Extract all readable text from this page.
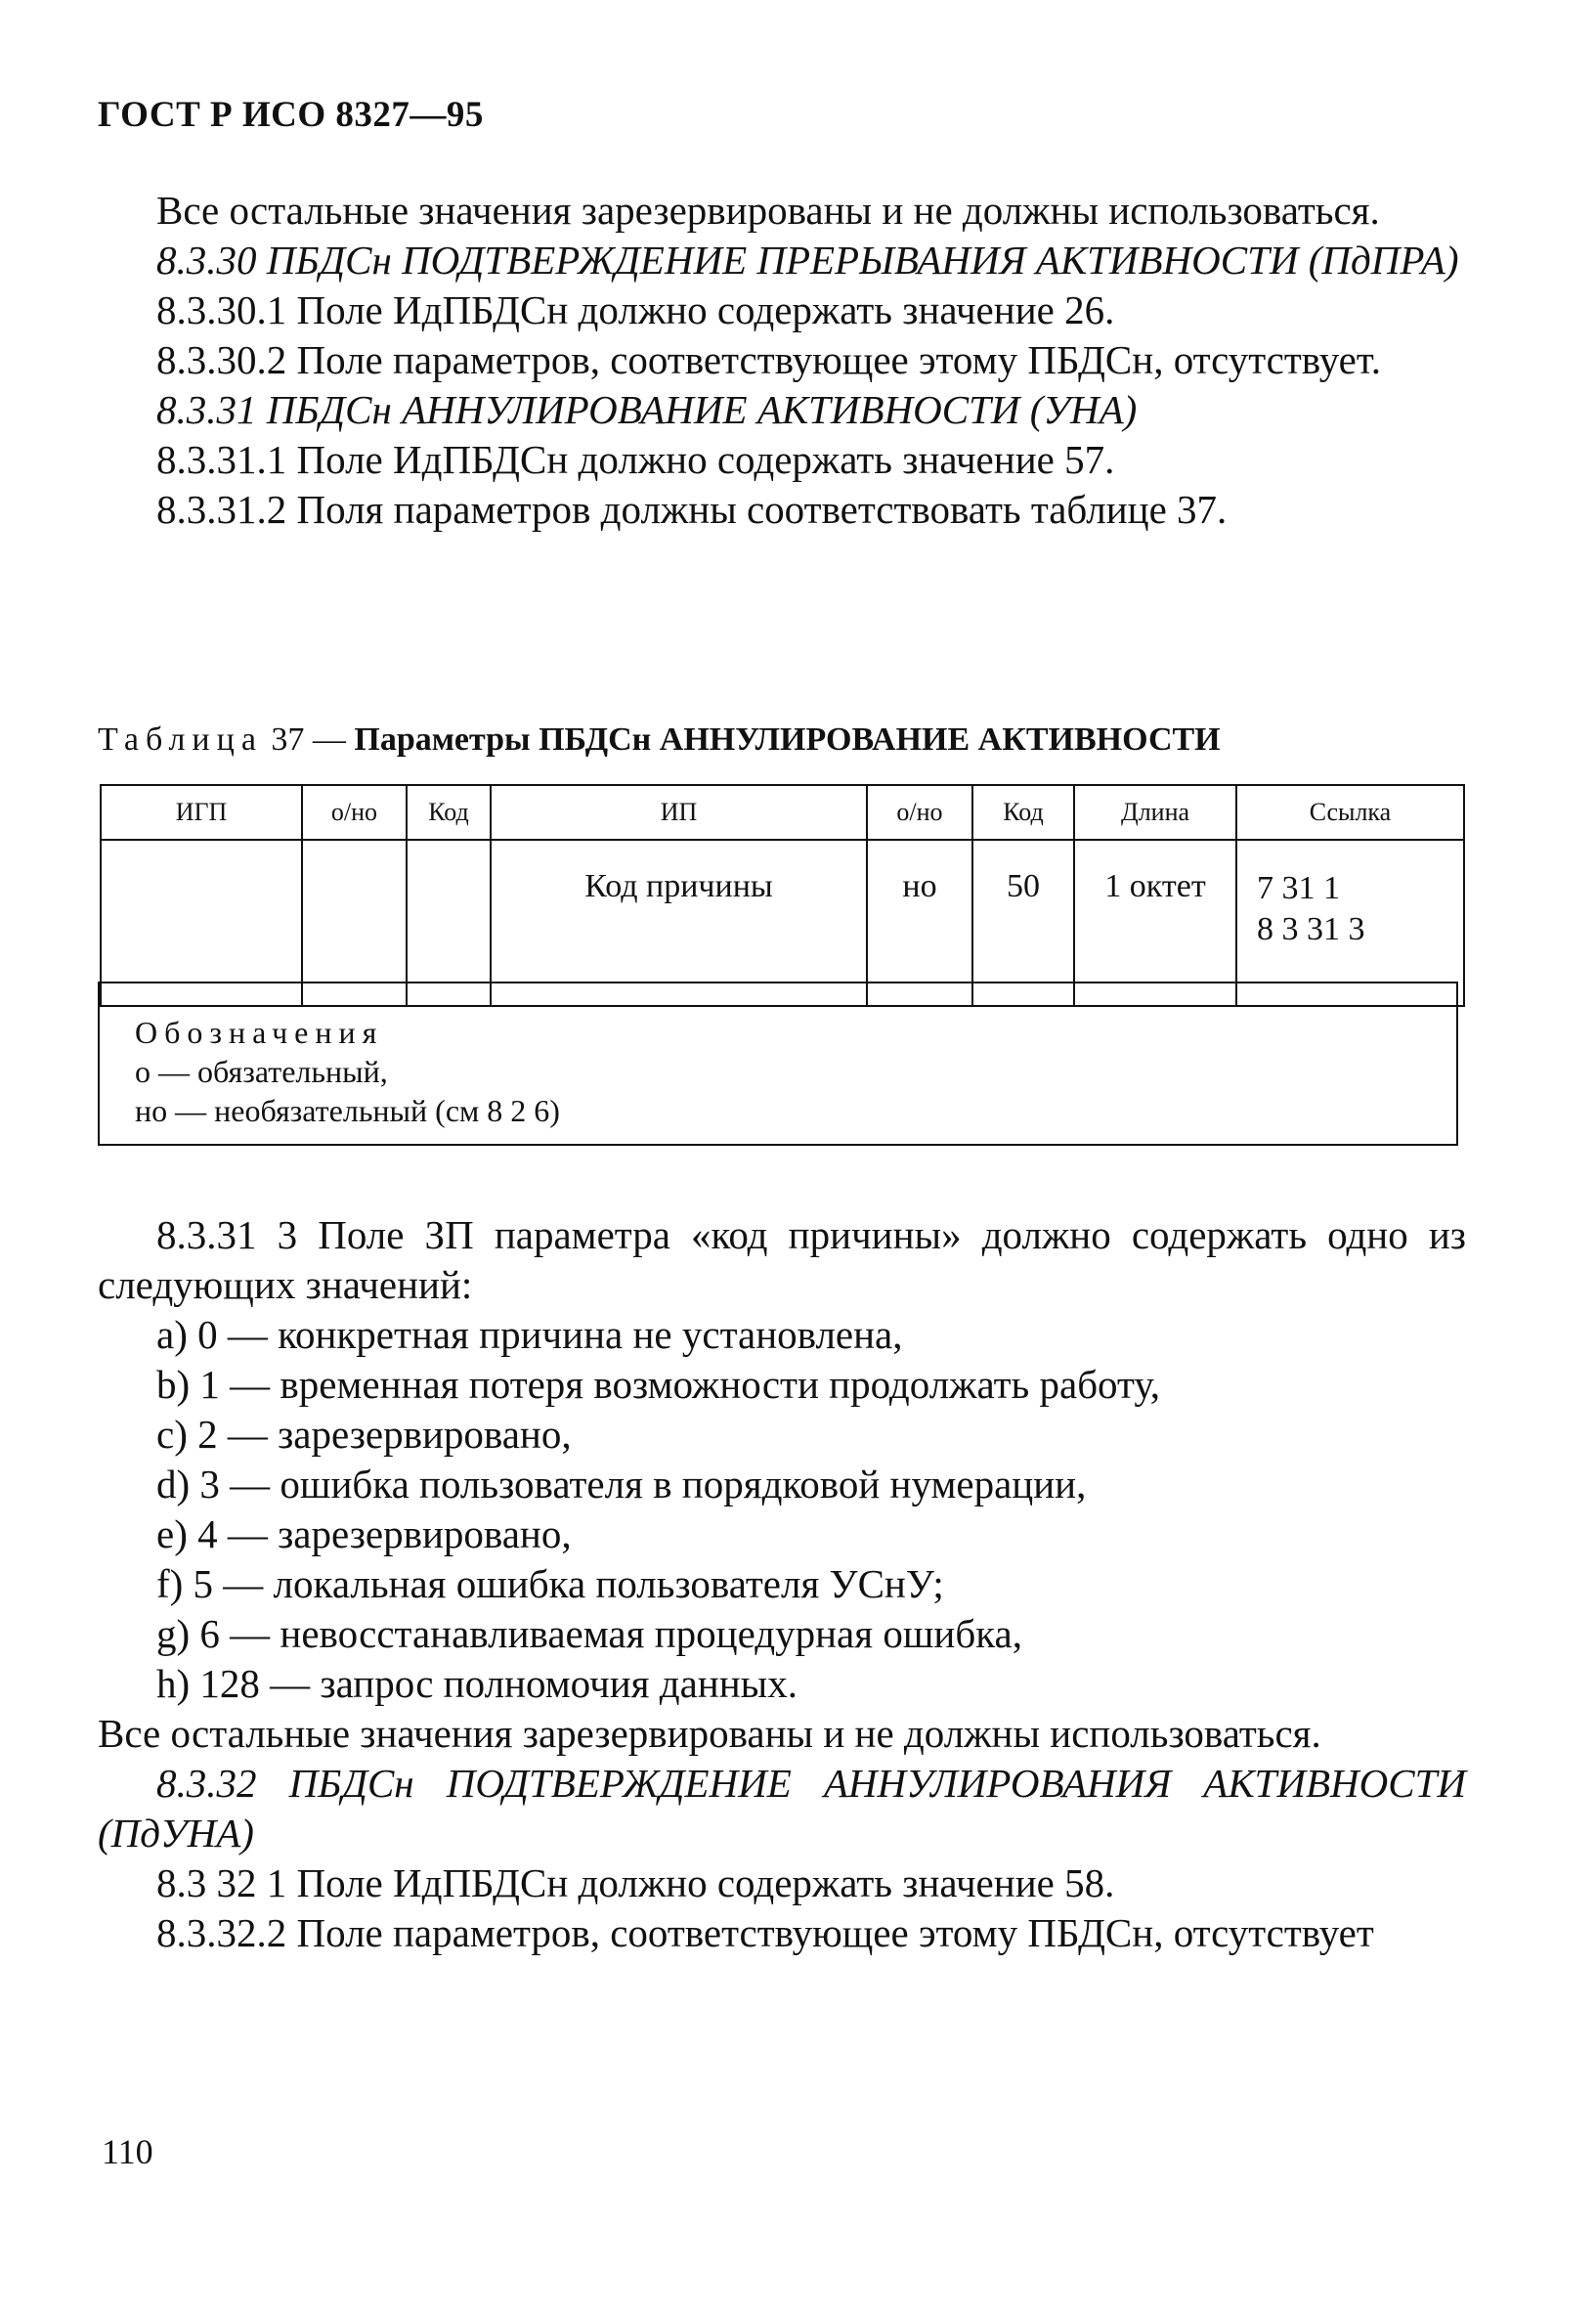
ГОСТ Р ИСО 8327—95

Все остальные значения зарезервированы и не должны использоваться.

8.3.30 ПБДСн ПОДТВЕРЖДЕНИЕ ПРЕРЫВАНИЯ АКТИВНОСТИ (ПдПРА)

8.3.30.1 Поле ИдПБДСн должно содержать значение 26.

8.3.30.2 Поле параметров, соответствующее этому ПБДСн, отсутствует.

8.3.31 ПБДСн АННУЛИРОВАНИЕ АКТИВНОСТИ (УНА)

8.3.31.1 Поле ИдПБДСн должно содержать значение 57.

8.3.31.2 Поля параметров должны соответствовать таблице 37.

Таблица 37 — Параметры ПБДСн АННУЛИРОВАНИЕ АКТИВНОСТИ
ИГП	о/но	Код	ИП	о/но	Код	Длина	Ссылка
			Код причины	но	50	1 октет	7 31 1
8 3 31 3
Обозначения
о — обязательный,
но — необязательный (см 8 2 6)

8.3.31 3 Поле ЗП параметра «код причины» должно содержать одно из следующих значений:

a) 0 — конкретная причина не установлена,

b) 1 — временная потеря возможности продолжать работу,

c) 2 — зарезервировано,

d) 3 — ошибка пользователя в порядковой нумерации,

e) 4 — зарезервировано,

f) 5 — локальная ошибка пользователя УСнУ;

g) 6 — невосстанавливаемая процедурная ошибка,

h) 128 — запрос полномочия данных.

Все остальные значения зарезервированы и не должны использоваться.

8.3.32 ПБДСн ПОДТВЕРЖДЕНИЕ АННУЛИРОВАНИЯ АКТИВНОСТИ (ПдУНА)

8.3 32 1 Поле ИдПБДСн должно содержать значение 58.

8.3.32.2 Поле параметров, соответствующее этому ПБДСн, отсутствует

110
